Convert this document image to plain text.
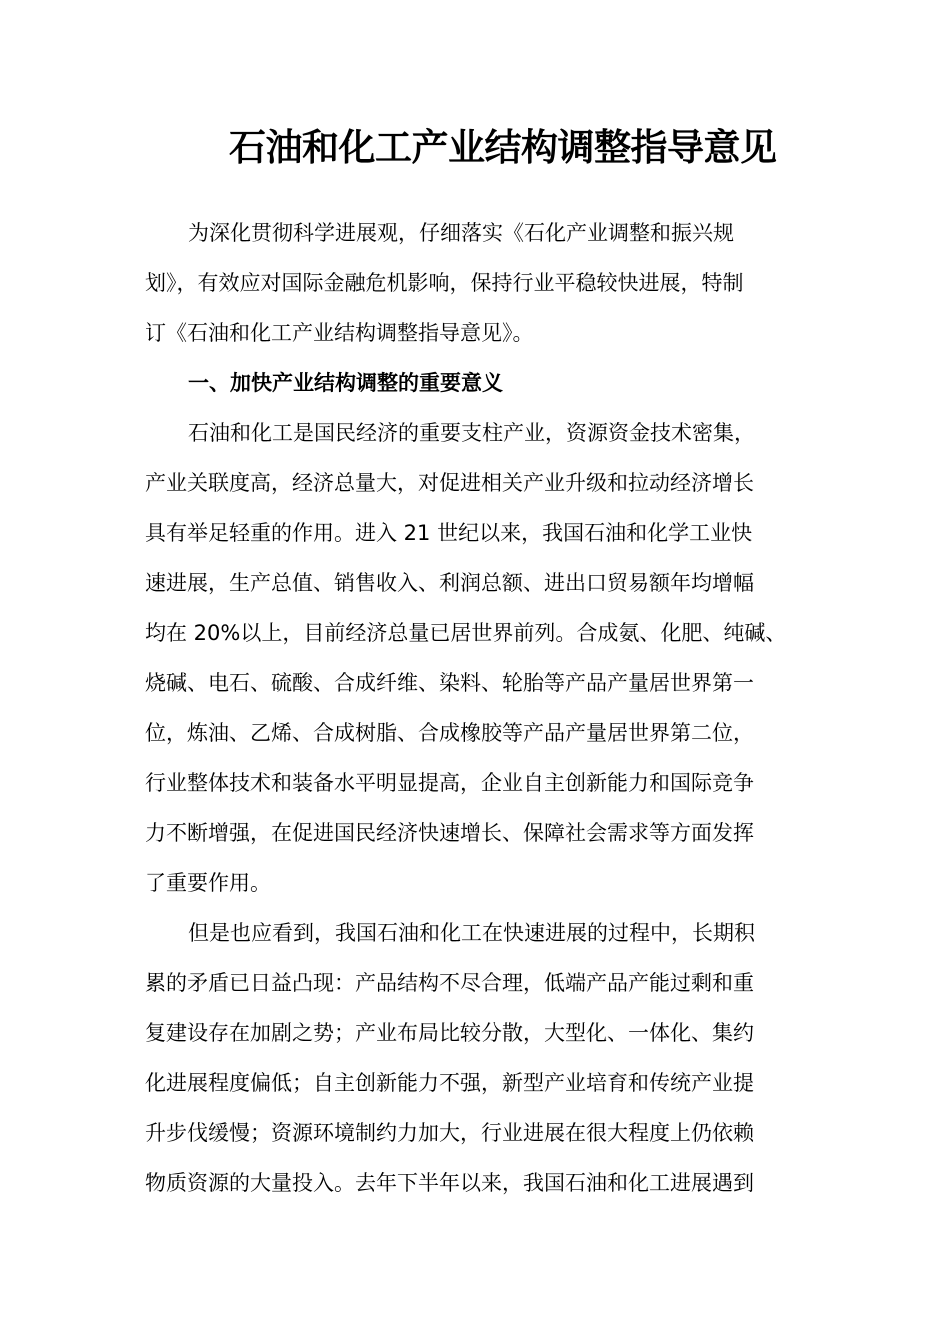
石油和化工产业结构调整指导意见
为深化贯彻科学进展观，仔细落实《石化产业调整和振兴规
划》，有效应对国际金融危机影响，保持行业平稳较快进展，特制
订《石油和化工产业结构调整指导意见》。
一、加快产业结构调整的重要意义
石油和化工是国民经济的重要支柱产业，资源资金技术密集，
产业关联度高，经济总量大，对促进相关产业升级和拉动经济增长
具有举足轻重的作用。进入 21 世纪以来，我国石油和化学工业快
速进展，生产总值、销售收入、利润总额、进出口贸易额年均增幅
均在 20%以上，目前经济总量已居世界前列。合成氨、化肥、纯碱、
烧碱、电石、硫酸、合成纤维、染料、轮胎等产品产量居世界第一
位，炼油、乙烯、合成树脂、合成橡胶等产品产量居世界第二位，
行业整体技术和装备水平明显提高，企业自主创新能力和国际竞争
力不断增强，在促进国民经济快速增长、保障社会需求等方面发挥
了重要作用。
但是也应看到，我国石油和化工在快速进展的过程中，长期积
累的矛盾已日益凸现：产品结构不尽合理，低端产品产能过剩和重
复建设存在加剧之势；产业布局比较分散，大型化、一体化、集约
化进展程度偏低；自主创新能力不强，新型产业培育和传统产业提
升步伐缓慢；资源环境制约力加大，行业进展在很大程度上仍依赖
物质资源的大量投入。去年下半年以来，我国石油和化工进展遇到
